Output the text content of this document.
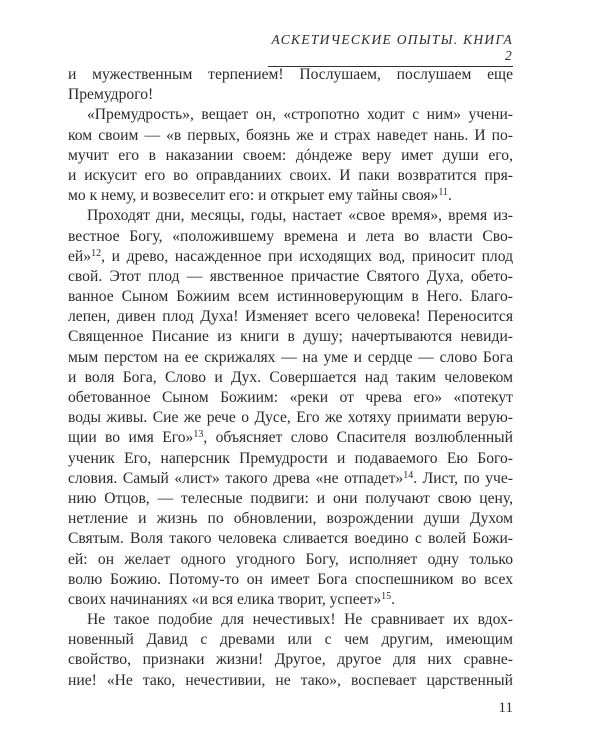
АСКЕТИЧЕСКИЕ ОПЫТЫ. КНИГА 2
и мужественным терпением! Послушаем, послушаем еще
Премудрого!
«Премудрость», вещает он, «стропотно ходит с ним» учени-
ком своим — «в первых, боязнь же и страх наведет нань. И по-
мучит его в наказании своем: дóндеже веру имет души его,
и искусит его во оправданиих своих. И паки возвратится пря-
мо к нему, и возвеселит его: и открыет ему тайны своя»$^{11}$.
Проходят дни, месяцы, годы, настает «свое время», время из-
вестное Богу, «положившему времена и лета во власти Сво-
ей»$^{12}$, и древо, насажденное при исходящих вод, приносит плод
свой. Этот плод — явственное причастие Святого Духа, обето-
ванное Сыном Божиим всем истинноверующим в Него. Благо-
лепен, дивен плод Духа! Изменяет всего человека! Переносится
Священное Писание из книги в душу; начертываются невиди-
мым перстом на ее скрижалях — на уме и сердце — слово Бога
и воля Бога, Слово и Дух. Совершается над таким человеком
обетованное Сыном Божиим: «реки от чрева его» «потекут
воды живы. Сие же рече о Дусе, Его же хотяху приимати верую-
щии во имя Его»$^{13}$, объясняет слово Спасителя возлюбленный
ученик Его, наперсник Премудрости и подаваемого Ею Бого-
словия. Самый «лист» такого древа «не отпадет»$^{14}$. Лист, по уче-
нию Отцов, — телесные подвиги: и они получают свою цену,
нетление и жизнь по обновлении, возрождении души Духом
Святым. Воля такого человека сливается воедино с волей Божи-
ей: он желает одного угодного Богу, исполняет одну только
волю Божию. Потому-то он имеет Бога споспешником во всех
своих начинаниях «и вся елика творит, успеет»$^{15}$.
Не такое подобие для нечестивых! Не сравнивает их вдох-
новенный Давид с древами или с чем другим, имеющим
свойство, признаки жизни! Другое, другое для них сравне-
ние! «Не тако, нечестивии, не тако», воспевает царственный
11
